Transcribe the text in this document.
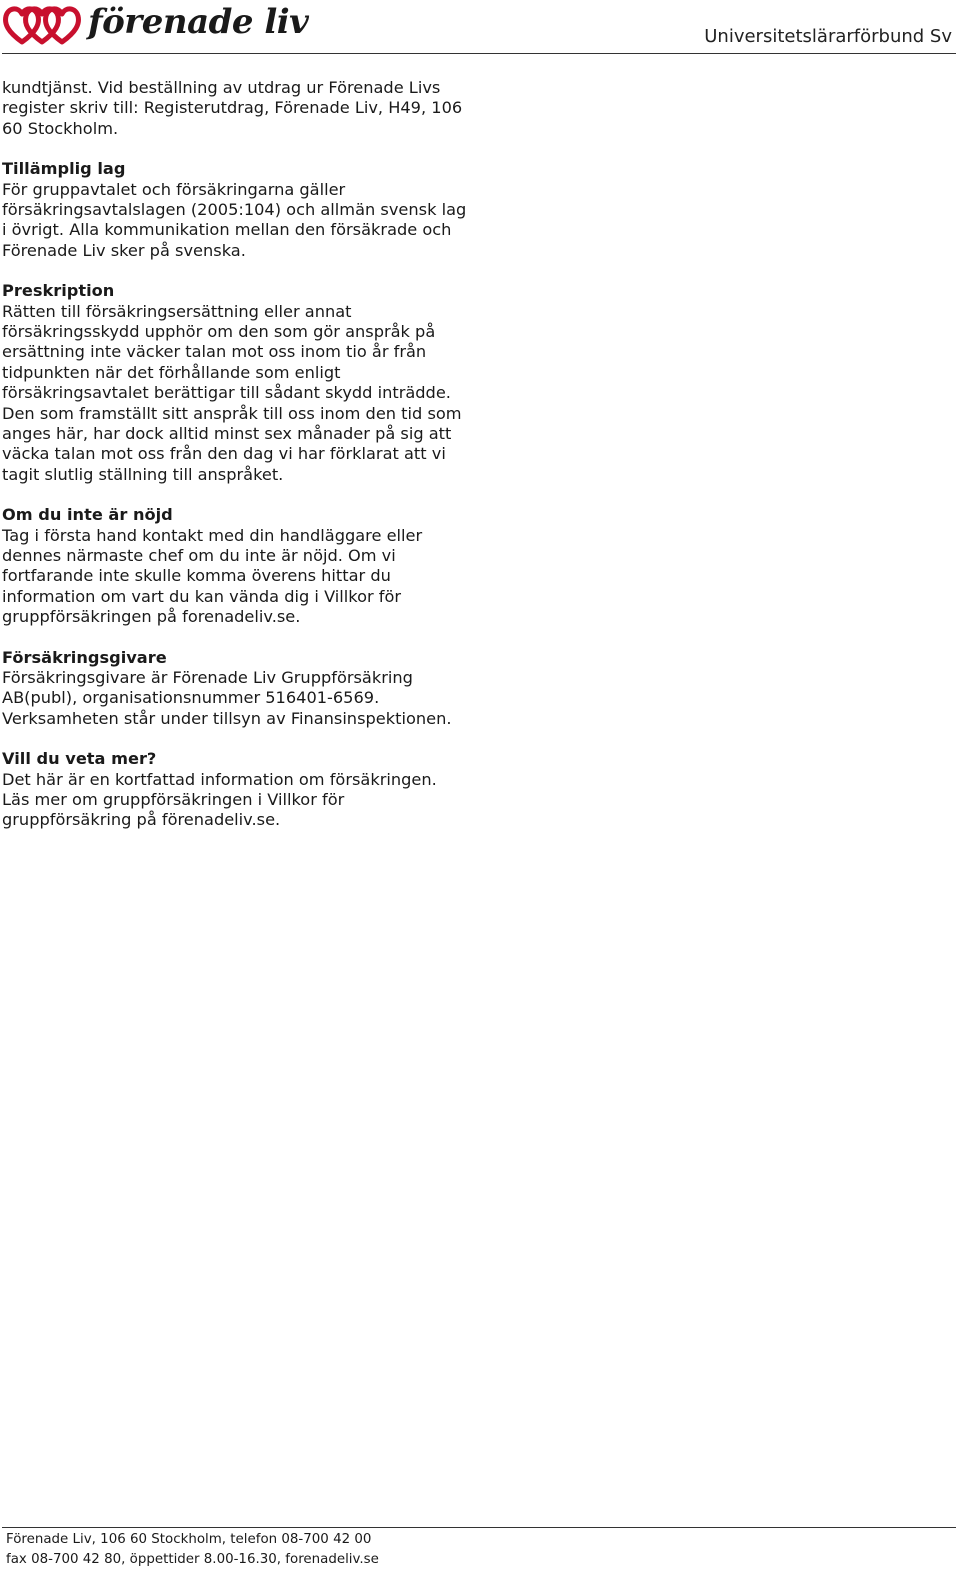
förenade liv	Universitetslärarförbund Sv

kundtjänst. Vid beställning av utdrag ur Förenade Livs

register skriv till: Registerutdrag, Förenade Liv, H49, 106

60 Stockholm.

Tillämplig lag

För gruppavtalet och försäkringarna gäller

försäkringsavtalslagen (2005:104) och allmän svensk lag

i övrigt. Alla kommunikation mellan den försäkrade och

Förenade Liv sker på svenska.

Preskription

Rätten till försäkringsersättning eller annat

försäkringsskydd upphör om den som gör anspråk på

ersättning inte väcker talan mot oss inom tio år från

tidpunkten när det förhållande som enligt

försäkringsavtalet berättigar till sådant skydd inträdde.

Den som framställt sitt anspråk till oss inom den tid som

anges här, har dock alltid minst sex månader på sig att

väcka talan mot oss från den dag vi har förklarat att vi

tagit slutlig ställning till anspråket.

Om du inte är nöjd

Tag i första hand kontakt med din handläggare eller

dennes närmaste chef om du inte är nöjd. Om vi

fortfarande inte skulle komma överens hittar du

information om vart du kan vända dig i Villkor för

gruppförsäkringen på forenadeliv.se.

Försäkringsgivare

Försäkringsgivare är Förenade Liv Gruppförsäkring

AB(publ), organisationsnummer 516401-6569.

Verksamheten står under tillsyn av Finansinspektionen.

Vill du veta mer?

Det här är en kortfattad information om försäkringen.

Läs mer om gruppförsäkringen i Villkor för

gruppförsäkring på förenadeliv.se.

Förenade Liv, 106 60 Stockholm, telefon 08-700 42 00
fax 08-700 42 80, öppettider 8.00-16.30, forenadeliv.se
